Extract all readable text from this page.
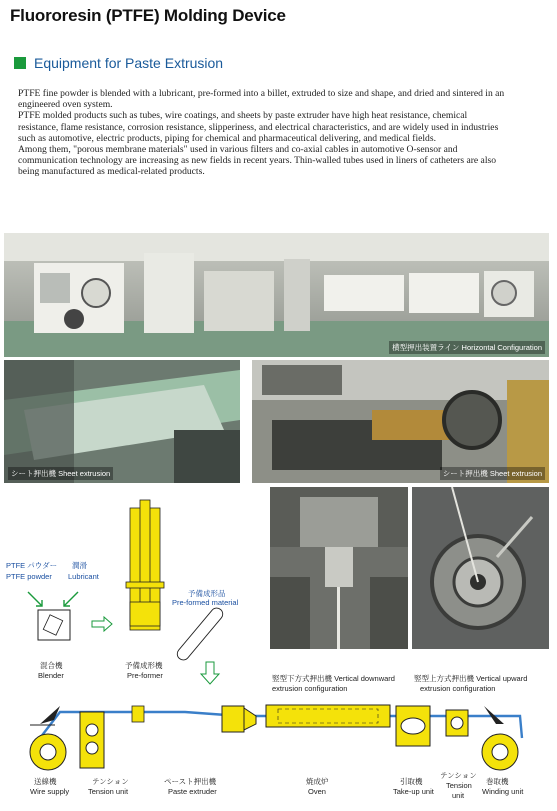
Fluororesin (PTFE) Molding Device
Equipment for Paste Extrusion

PTFE fine powder is blended with a lubricant, pre-formed into a billet, extruded to size and shape, and dried and sintered in an engineered oven system.

PTFE molded products such as tubes, wire coatings, and sheets by paste extruder have high heat resistance, chemical resistance, flame resistance, corrosion resistance, slipperiness, and electrical characteristics, and are widely used in industries such as automotive, electric products, piping for chemical and pharmaceutical delivering, and medical fields.

Among them, "porous membrane materials" used in various filters and co-axial cables in automotive O-sensor and communication technology are increasing as new fields in recent years. Thin-walled tubes used in liners of catheters are also being manufactured as medical-related products.

横型押出装置ライン Horizontal Configuration
シート押出機 Sheet extrusion	シート押出機 Sheet extrusion
PTFE パウダー
PTFE powder
潤滑
Lubricant
予備成形品
Pre-formed material
混合機
Blender
予備成形機
Pre-former	竪型下方式押出機 Vertical downward
extrusion configuration
竪型上方式押出機 Vertical upward
extrusion configuration
送線機
Wire supply
テンション
Tension unit
ペースト押出機
Paste extruder
焼成炉
Oven
引取機
Take-up unit
テンション
Tension
unit
巻取機
Winding unit
